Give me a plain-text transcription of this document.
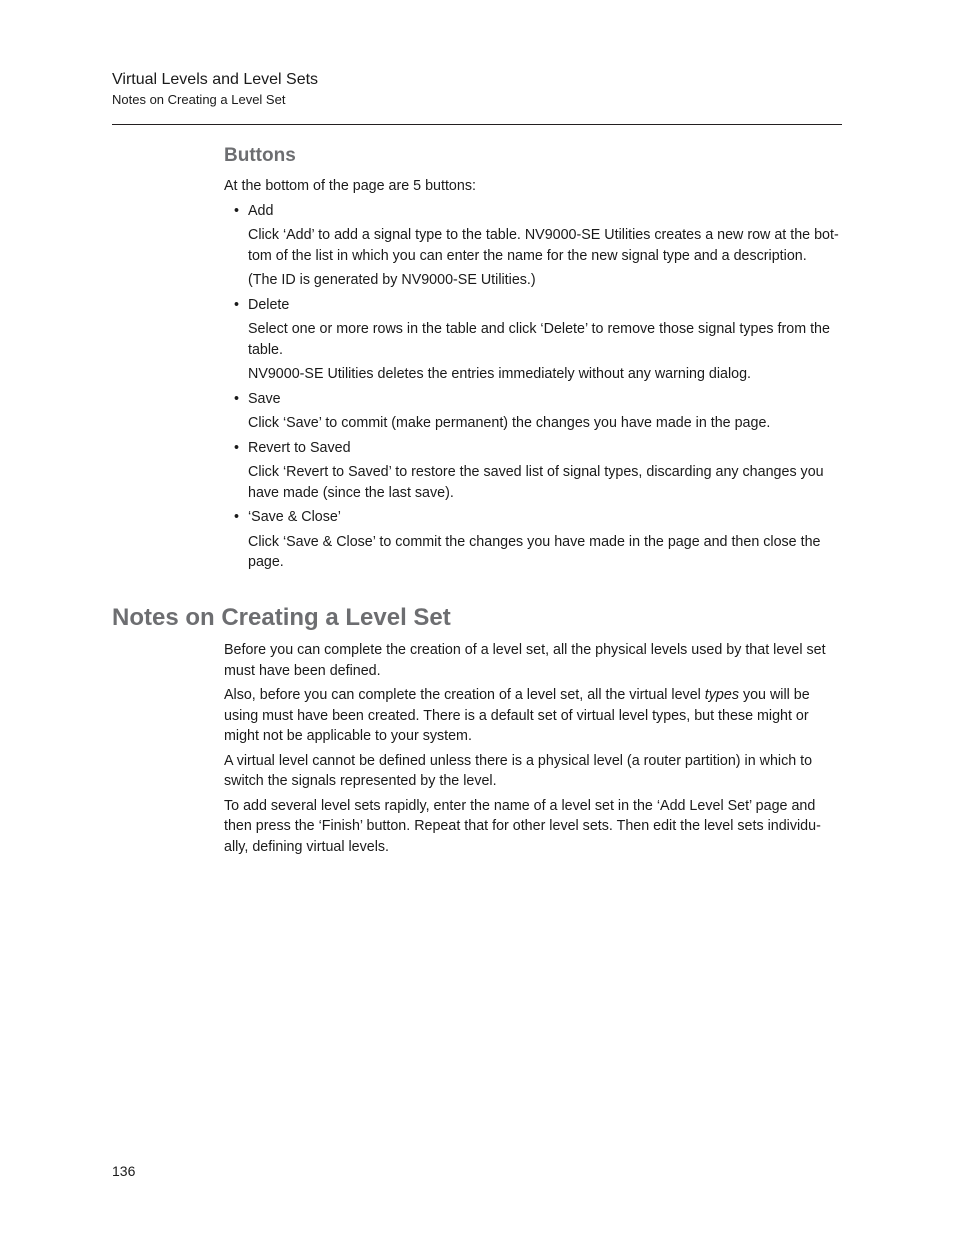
Virtual Levels and Level Sets
Notes on Creating a Level Set
Buttons

At the bottom of the page are 5 buttons:

• Add

Click ‘Add’ to add a signal type to the table. NV9000-SE Utilities creates a new row at the bot-tom of the list in which you can enter the name for the new signal type and a description.

(The ID is generated by NV9000-SE Utilities.)

• Delete

Select one or more rows in the table and click ‘Delete’ to remove those signal types from the table.

NV9000-SE Utilities deletes the entries immediately without any warning dialog.

• Save

Click ‘Save’ to commit (make permanent) the changes you have made in the page.

• Revert to Saved

Click ‘Revert to Saved’ to restore the saved list of signal types, discarding any changes you have made (since the last save).

• ‘Save & Close’

Click ‘Save & Close’ to commit the changes you have made in the page and then close the page.

Notes on Creating a Level Set

Before you can complete the creation of a level set, all the physical levels used by that level set must have been defined.

Also, before you can complete the creation of a level set, all the virtual level types you will be using must have been created. There is a default set of virtual level types, but these might or might not be applicable to your system.

A virtual level cannot be defined unless there is a physical level (a router partition) in which to switch the signals represented by the level.

To add several level sets rapidly, enter the name of a level set in the ‘Add Level Set’ page and then press the ‘Finish’ button. Repeat that for other level sets. Then edit the level sets individu-ally, defining virtual levels.

136
